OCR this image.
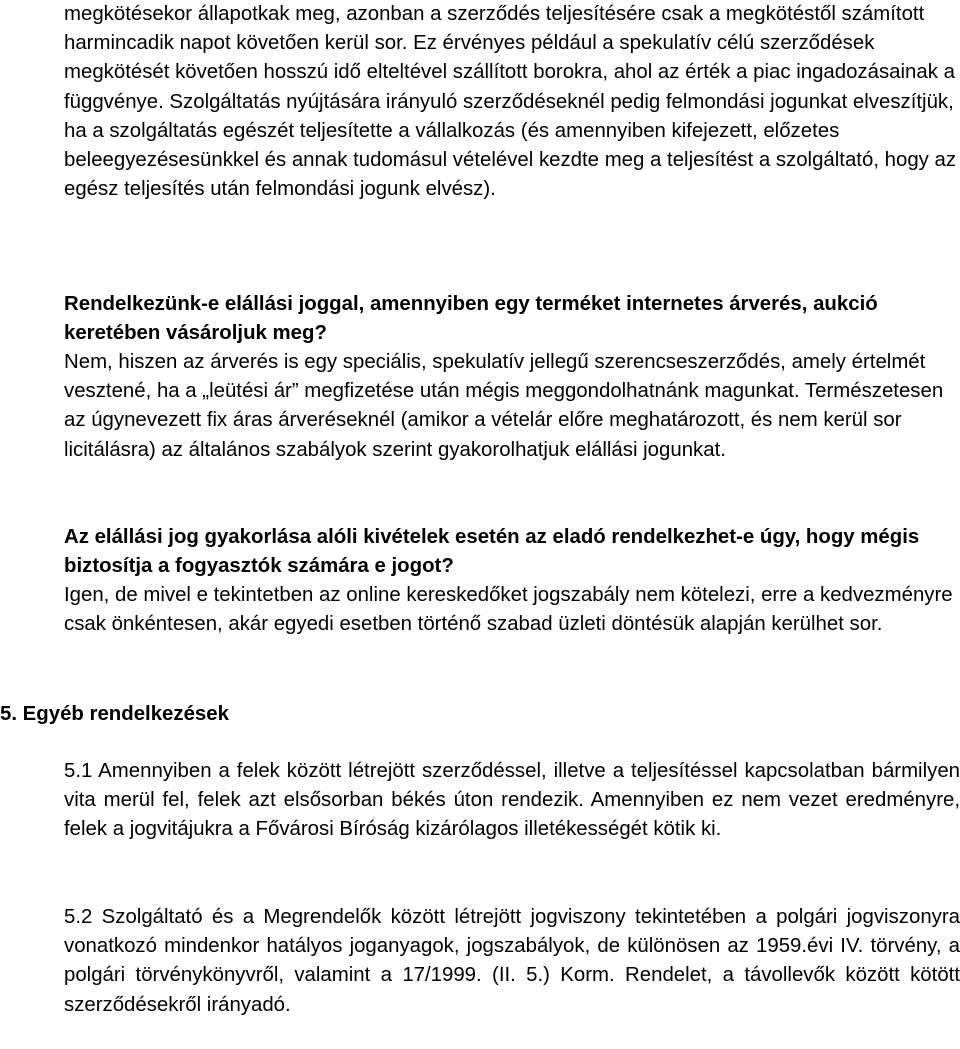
megkötésekor állapotkak meg, azonban a szerződés teljesítésére csak a megkötéstől számított harmincadik napot követően kerül sor. Ez érvényes például a spekulatív célú szerződések megkötését követően hosszú idő elteltével szállított borokra, ahol az érték a piac ingadozásainak a függvénye. Szolgáltatás nyújtására irányuló szerződéseknél pedig felmondási jogunkat elveszítjük, ha a szolgáltatás egészét teljesítette a vállalkozás (és amennyiben kifejezett, előzetes beleegyezésesünkkel és annak tudomásul vételével kezdte meg a teljesítést a szolgáltató, hogy az egész teljesítés után felmondási jogunk elvész).

Rendelkezünk-e elállási joggal, amennyiben egy terméket internetes árverés, aukció keretében vásároljuk meg?

Nem, hiszen az árverés is egy speciális, spekulatív jellegű szerencseszerződés, amely értelmét vesztené, ha a „leütési ár” megfizetése után mégis meggondolhatnánk magunkat. Természetesen az úgynevezett fix áras árveréseknél (amikor a vételár előre meghatározott, és nem kerül sor licitálásra) az általános szabályok szerint gyakorolhatjuk elállási jogunkat.

Az elállási jog gyakorlása alóli kivételek esetén az eladó rendelkezhet-e úgy, hogy mégis biztosítja a fogyasztók számára e jogot?

Igen, de mivel e tekintetben az online kereskedőket jogszabály nem kötelezi, erre a kedvezményre csak önkéntesen, akár egyedi esetben történő szabad üzleti döntésük alapján kerülhet sor.

5. Egyéb rendelkezések

5.1 Amennyiben a felek között létrejött szerződéssel, illetve a teljesítéssel kapcsolatban bármilyen vita merül fel, felek azt elsősorban békés úton rendezik. Amennyiben ez nem vezet eredményre, felek a jogvitájukra a Fővárosi Bíróság kizárólagos illetékességét kötik ki.

5.2 Szolgáltató és a Megrendelők között létrejött jogviszony tekintetében a polgári jogviszonyra vonatkozó mindenkor hatályos joganyagok, jogszabályok, de különösen az 1959.évi IV. törvény, a polgári törvénykönyvről, valamint a 17/1999. (II. 5.) Korm. Rendelet, a távollevők között kötött szerződésekről irányadó.
